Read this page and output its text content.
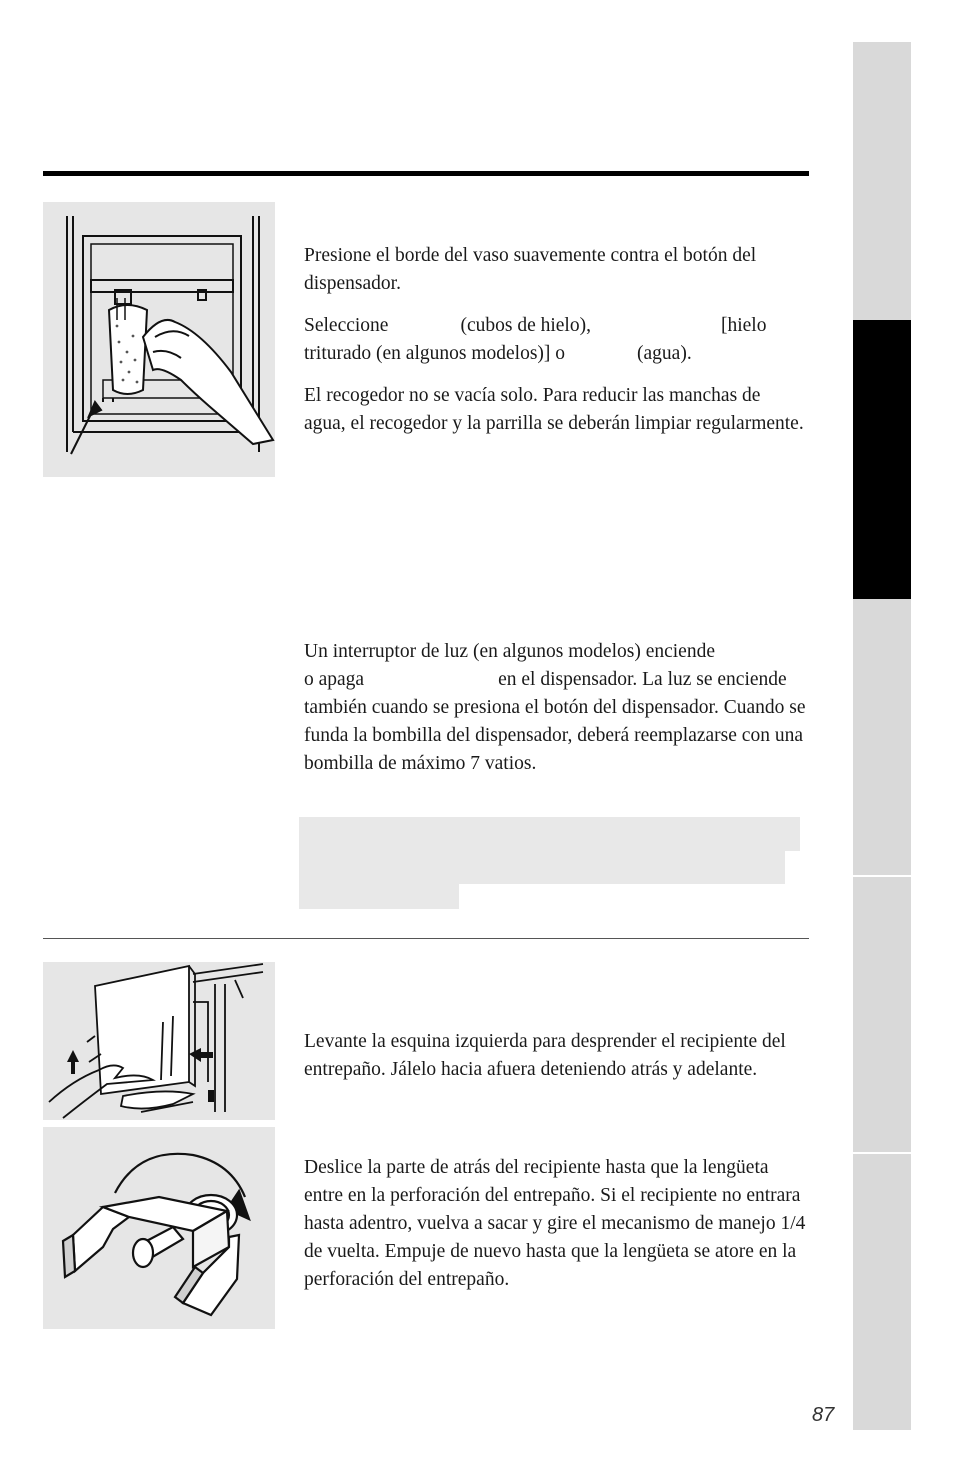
Presione el borde del vaso suavemente contra el botón del dispensador.

Seleccione	(cubos de hielo),	[hielo
triturado (en algunos modelos)] o	(agua).

El recogedor no se vacía solo. Para reducir las manchas de agua, el recogedor y la parrilla se deberán limpiar regularmente.

Un interruptor de luz (en algunos modelos) enciende
o apaga	en el dispensador. La luz se enciende también cuando se presiona el botón del dispensador. Cuando se funda la bombilla del dispensador, deberá reemplazarse con una bombilla de máximo 7 vatios.

Levante la esquina izquierda para desprender el recipiente del entrepaño. Jálelo hacia afuera deteniendo atrás y adelante.

Deslice la parte de atrás del recipiente hasta que la lengüeta entre en la perforación del entrepaño. Si el recipiente no entrara hasta adentro, vuelva a sacar y gire el mecanismo de manejo 1/4 de vuelta. Empuje de nuevo hasta que la lengüeta se atore en la perforación del entrepaño.

87
